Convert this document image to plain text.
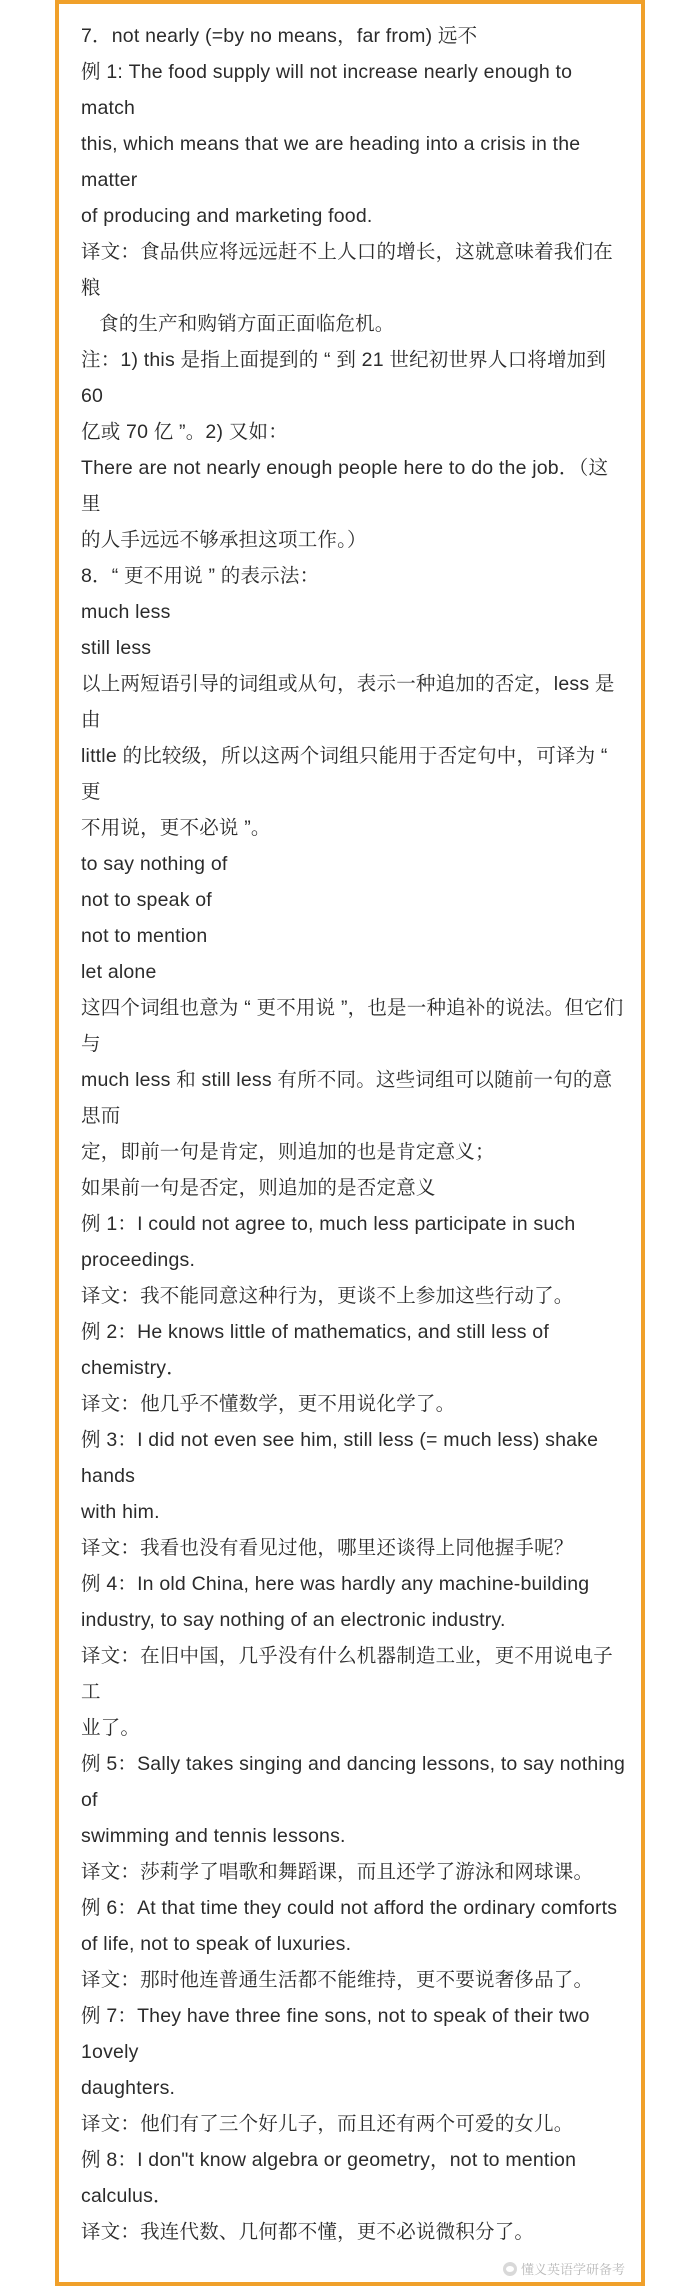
7．not nearly (=by no means，far from) 远不
例 1: The food supply will not increase nearly enough to match
this, which means that we are heading into a crisis in the matter
of producing and marketing food.
译文：食品供应将远远赶不上人口的增长，这就意味着我们在粮
食的生产和购销方面正面临危机。
注：1) this 是指上面提到的 “ 到 21 世纪初世界人口将增加到 60
亿或 70 亿 ”。2) 又如：
There are not nearly enough people here to do the job．（这里
的人手远远不够承担这项工作。）
8．“ 更不用说 ” 的表示法：
much less
still less
以上两短语引导的词组或从句，表示一种追加的否定，less 是由
little 的比较级，所以这两个词组只能用于否定句中，可译为 “ 更
不用说，更不必说 ”。
to say nothing of
not to speak of
not to mention
let alone
这四个词组也意为 “ 更不用说 ”，也是一种追补的说法。但它们与
much less 和 still less 有所不同。这些词组可以随前一句的意思而
定，即前一句是肯定，则追加的也是肯定意义；
如果前一句是否定，则追加的是否定意义
例 1：I could not agree to, much less participate in such
proceedings.
译文：我不能同意这种行为，更谈不上参加这些行动了。
例 2：He knows little of mathematics, and still less of chemistry．
译文：他几乎不懂数学，更不用说化学了。
例 3：I did not even see him, still less (= much less) shake hands
with him.
译文：我看也没有看见过他，哪里还谈得上同他握手呢？
例 4：In old China, here was hardly any machine-building
industry, to say nothing of an electronic industry.
译文：在旧中国，几乎没有什么机器制造工业，更不用说电子工
业了。
例 5：Sally takes singing and dancing lessons, to say nothing of
swimming and tennis lessons.
译文：莎莉学了唱歌和舞蹈课，而且还学了游泳和网球课。
例 6：At that time they could not afford the ordinary comforts
of life, not to speak of luxuries.
译文：那时他连普通生活都不能维持，更不要说奢侈品了。
例 7：They have three fine sons, not to speak of their two 1ovely
daughters.
译文：他们有了三个好儿子，而且还有两个可爱的女儿。
例 8：I don"t know algebra or geometry，not to mention
calculus．
译文：我连代数、几何都不懂，更不必说微积分了。
懂义英语学研备考
